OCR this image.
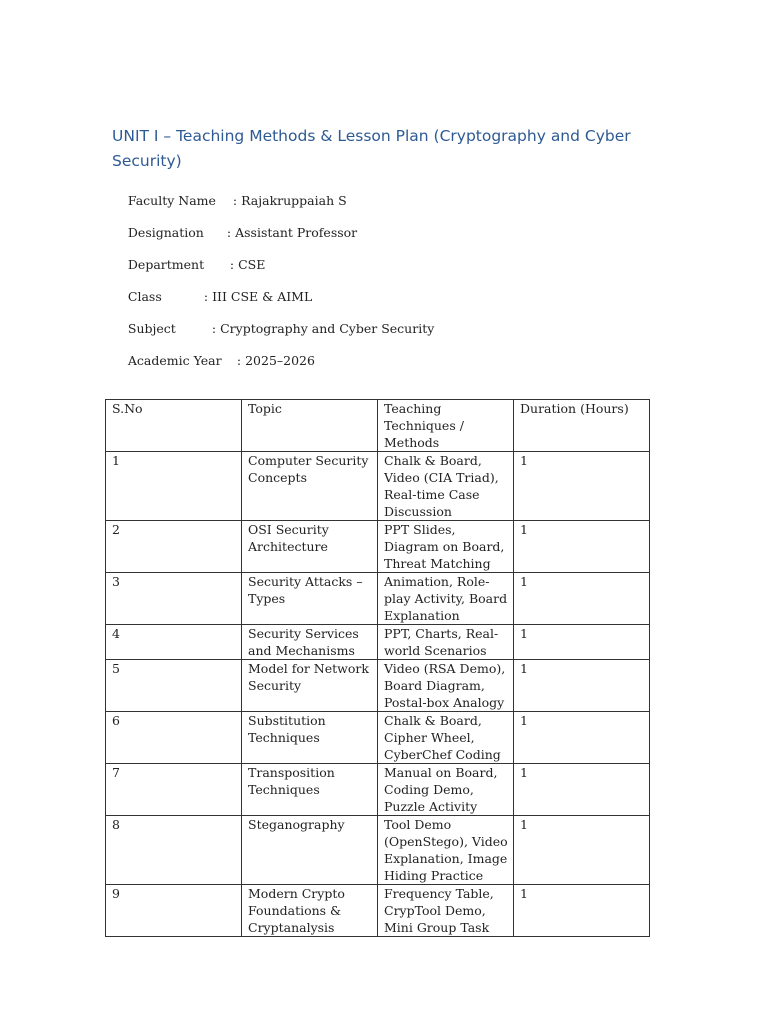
UNIT I – Teaching Methods & Lesson Plan (Cryptography and Cyber Security)

Faculty Name : Rajakruppaiah S

Designation : Assistant Professor

Department : CSE

Class	: III CSE & AIML

Subject	: Cryptography and Cyber Security

Academic Year : 2025–2026

S.No	Topic	Teaching Techniques / Methods	Duration (Hours)
1	Computer Security Concepts	Chalk & Board, Video (CIA Triad), Real-time Case Discussion	1
2	OSI Security Architecture	PPT Slides, Diagram on Board, Threat Matching	1
3	Security Attacks – Types	Animation, Role-play Activity, Board Explanation	1
4	Security Services and Mechanisms	PPT, Charts, Real-world Scenarios	1
5	Model for Network Security	Video (RSA Demo), Board Diagram, Postal-box Analogy	1
6	Substitution Techniques	Chalk & Board, Cipher Wheel, CyberChef Coding	1
7	Transposition Techniques	Manual on Board, Coding Demo, Puzzle Activity	1
8	Steganography	Tool Demo (OpenStego), Video Explanation, Image Hiding Practice	1
9	Modern Crypto Foundations & Cryptanalysis	Frequency Table, CrypTool Demo, Mini Group Task	1
